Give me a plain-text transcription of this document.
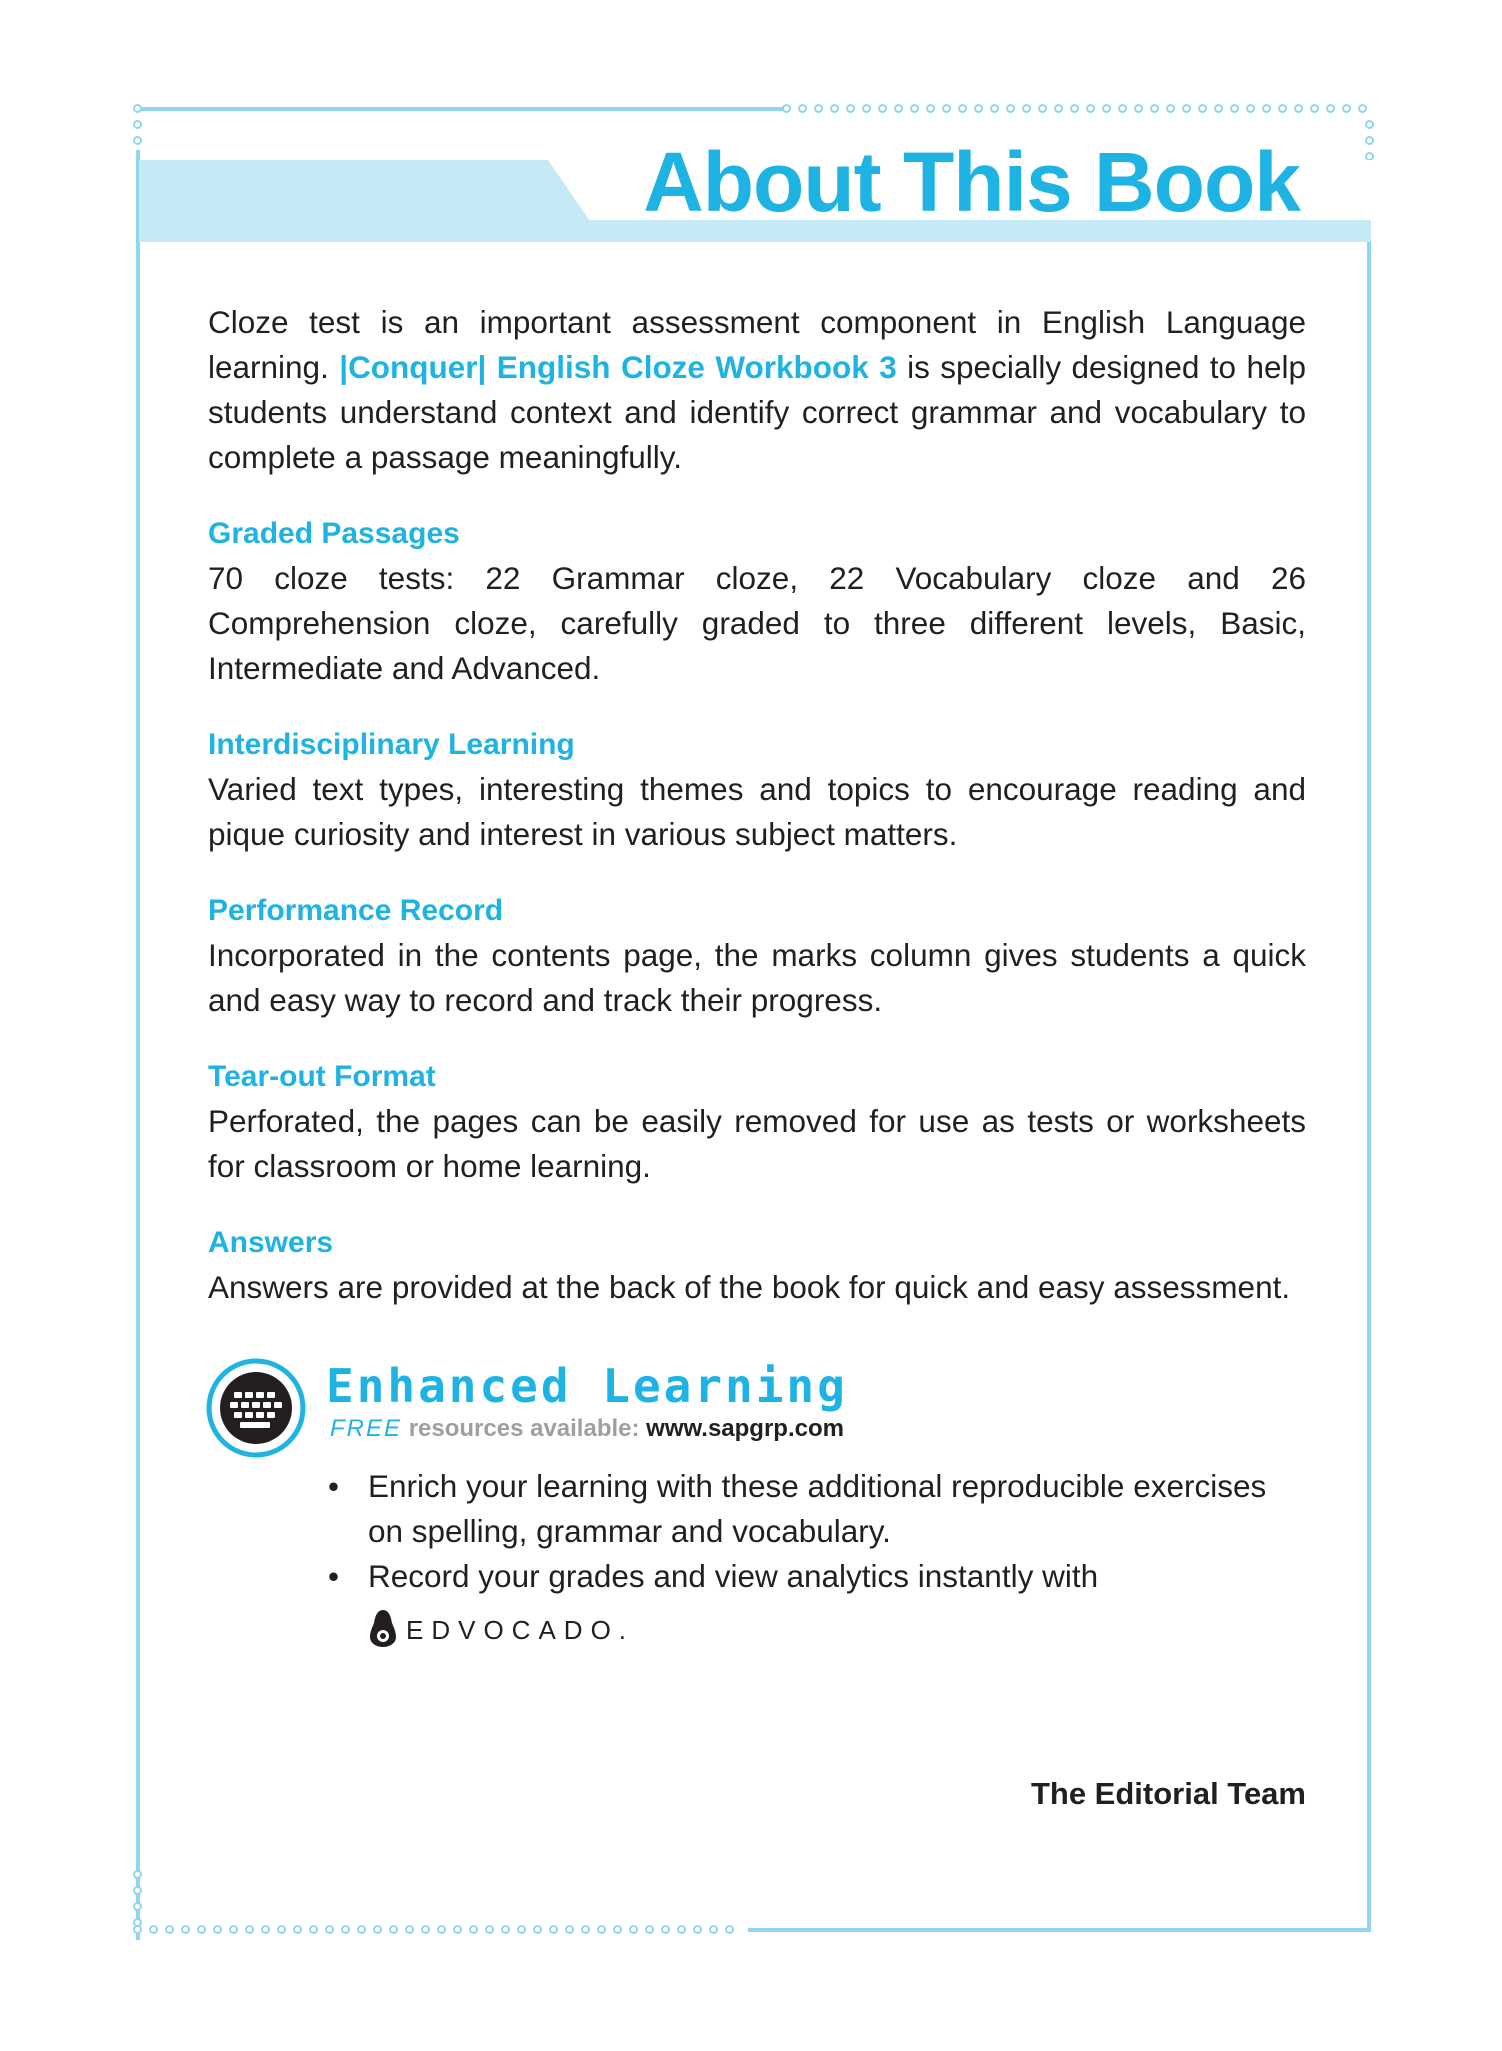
About This Book

Cloze test is an important assessment component in English Language learning. |Conquer| English Cloze Workbook 3 is specially designed to help students understand context and identify correct grammar and vocabulary to complete a passage meaningfully.

Graded Passages

70 cloze tests: 22 Grammar cloze, 22 Vocabulary cloze and 26 Comprehension cloze, carefully graded to three different levels, Basic, Intermediate and Advanced.

Interdisciplinary Learning

Varied text types, interesting themes and topics to encourage reading and pique curiosity and interest in various subject matters.

Performance Record

Incorporated in the contents page, the marks column gives students a quick and easy way to record and track their progress.

Tear-out Format

Perforated, the pages can be easily removed for use as tests or worksheets for classroom or home learning.

Answers

Answers are provided at the back of the book for quick and easy assessment.

Enhanced Learning
FREE resources available: www.sapgrp.com
• Enrich your learning with these additional reproducible exercises on spelling, grammar and vocabulary.
• Record your grades and view analytics instantly with
EDVOCADO.
The Editorial Team
